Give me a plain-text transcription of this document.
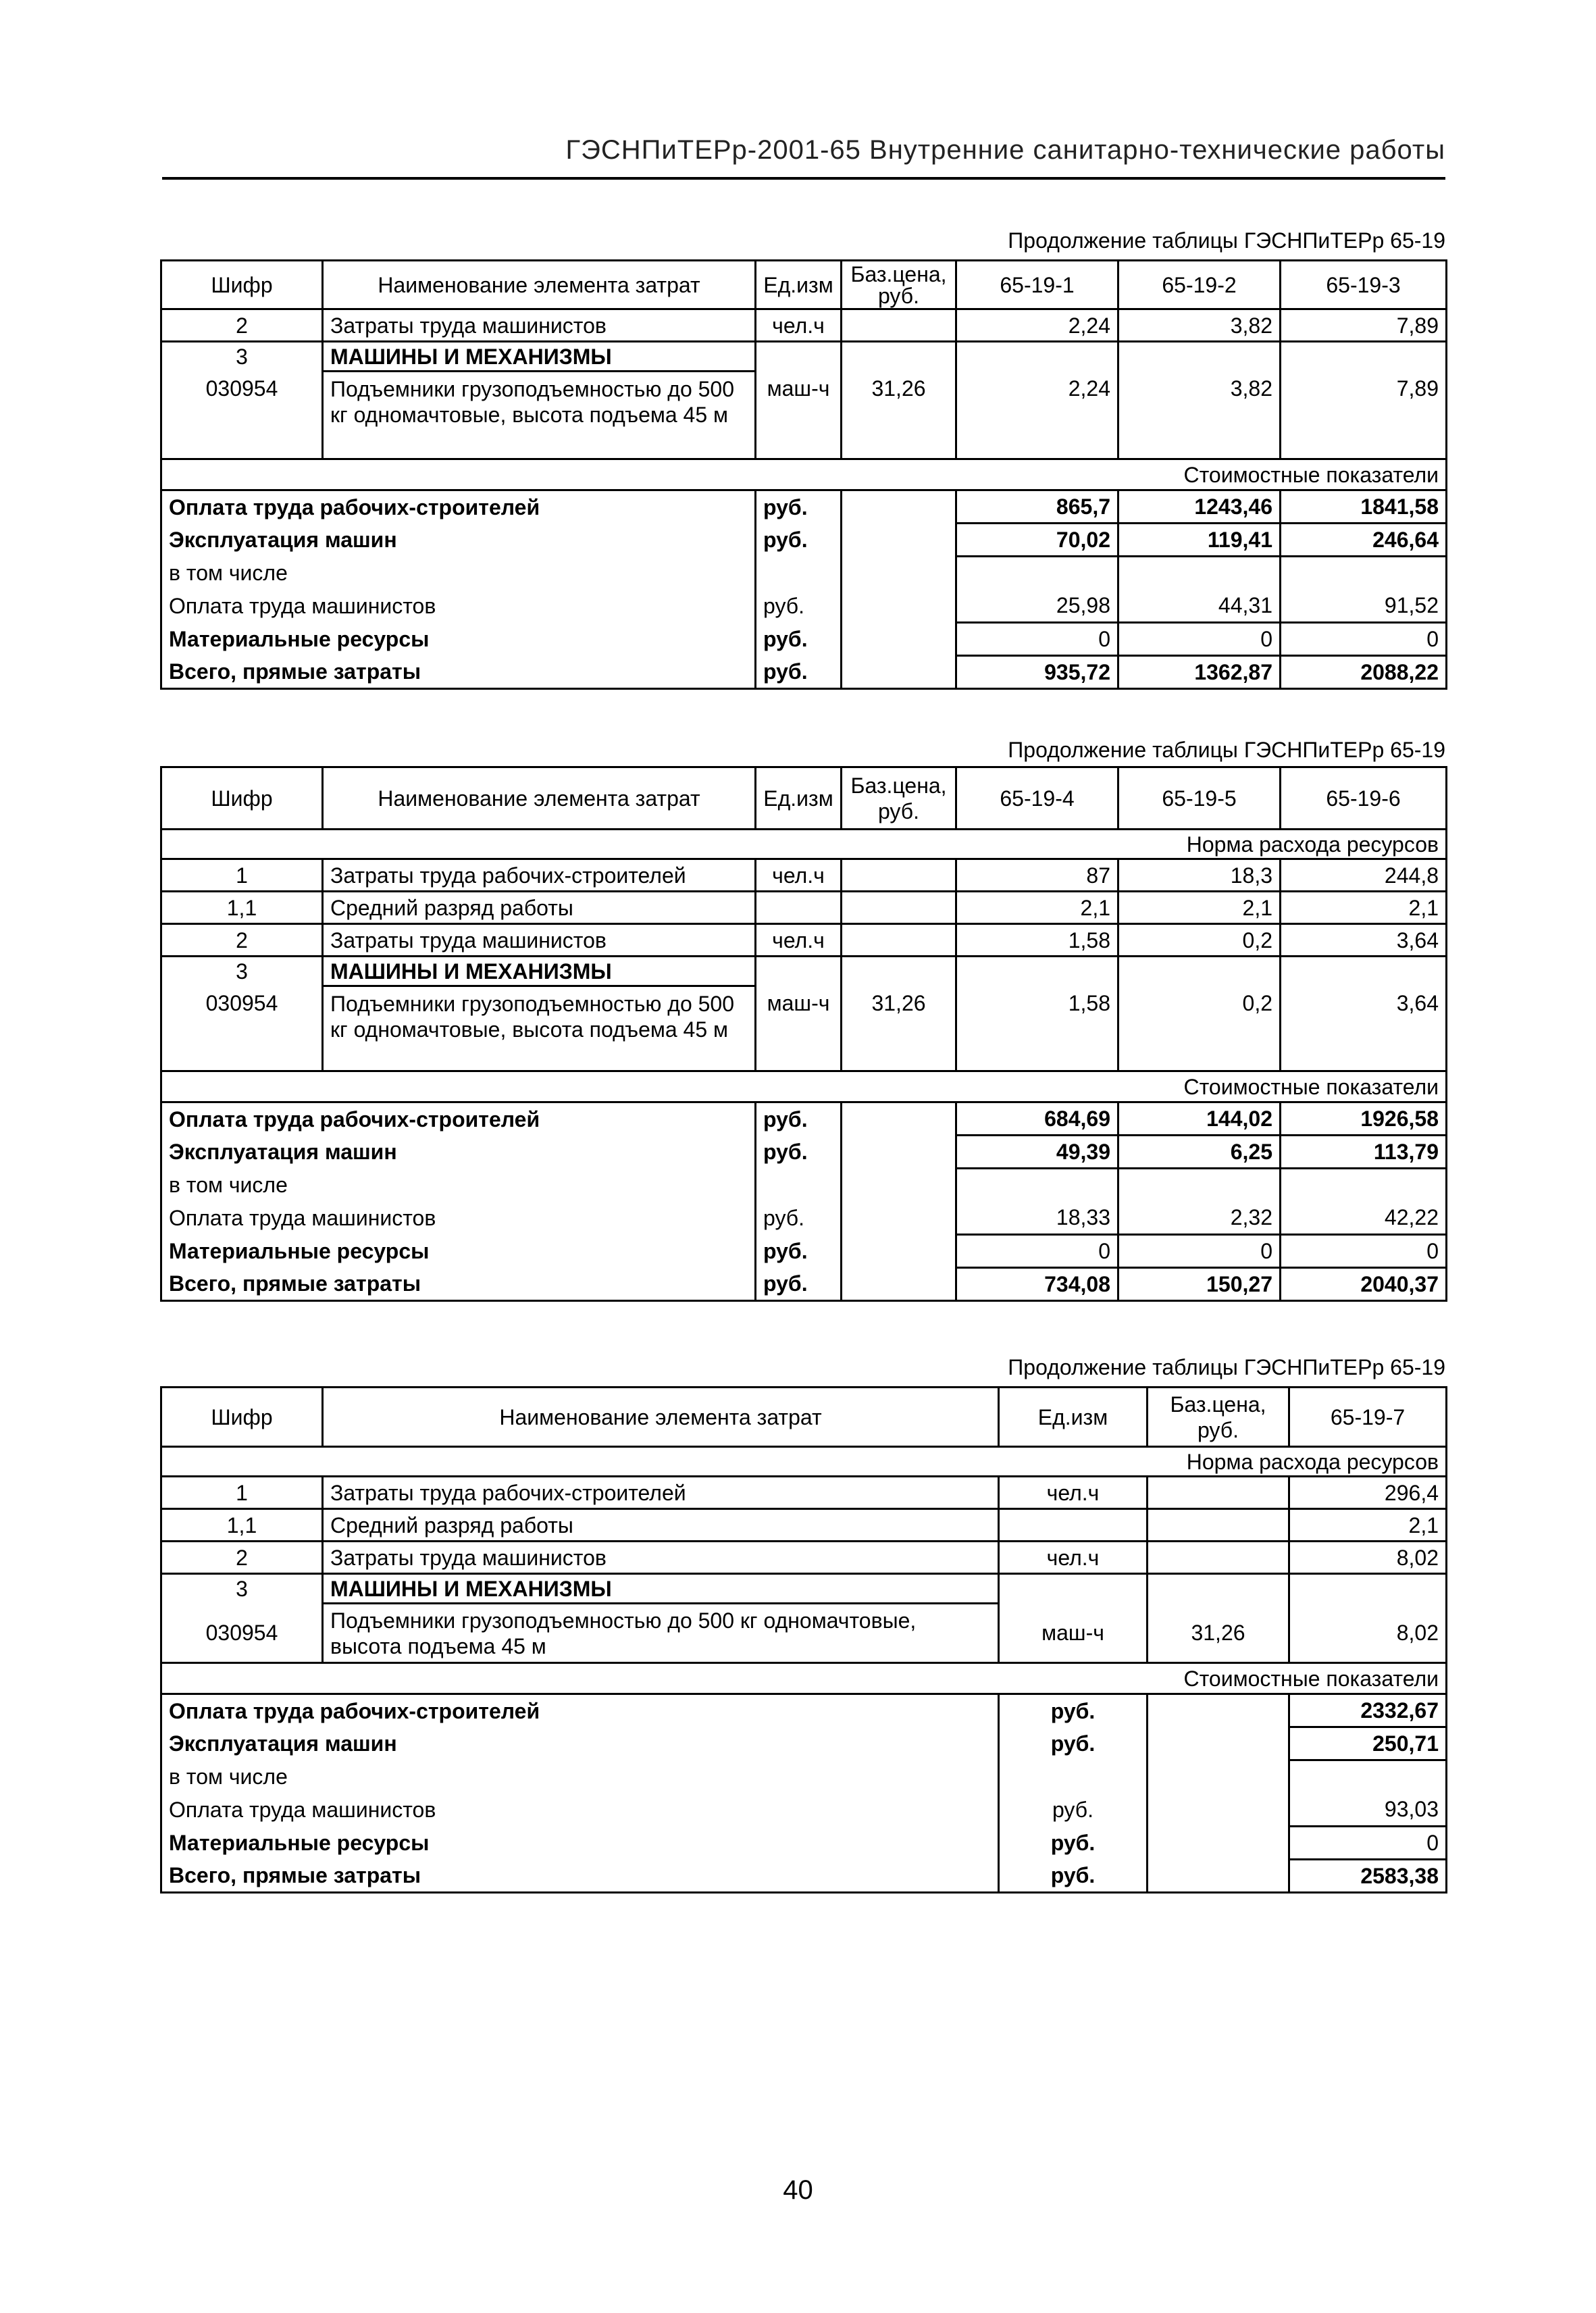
ГЭСНПиТЕРр-2001-65 Внутренние санитарно-технические работы
Продолжение таблицы ГЭСНПиТЕРр 65-19
Шифр	Наименование элемента затрат	Ед.изм	Баз.цена, руб.	65-19-1	65-19-2	65-19-3
2	Затраты труда машинистов	чел.ч		2,24	3,82	7,89
3	МАШИНЫ И МЕХАНИЗМЫ					
030954	Подъемники грузоподъемностью до 500 кг одномачтовые, высота подъема 45 м	маш-ч	31,26	2,24	3,82	7,89
Стоимостные показатели						
Оплата труда рабочих-строителей		руб.		865,7	1243,46	1841,58
Эксплуатация машин		руб.		70,02	119,41	246,64
в том числе						
Оплата труда машинистов		руб.		25,98	44,31	91,52
Материальные ресурсы		руб.		0	0	0
Всего, прямые затраты		руб.		935,72	1362,87	2088,22
Продолжение таблицы ГЭСНПиТЕРр 65-19
Шифр	Наименование элемента затрат	Ед.изм	Баз.цена, руб.	65-19-4	65-19-5	65-19-6
Норма расхода ресурсов						
1	Затраты труда рабочих-строителей	чел.ч		87	18,3	244,8
1,1	Средний разряд работы			2,1	2,1	2,1
2	Затраты труда машинистов	чел.ч		1,58	0,2	3,64
3	МАШИНЫ И МЕХАНИЗМЫ					
030954	Подъемники грузоподъемностью до 500 кг одномачтовые, высота подъема 45 м	маш-ч	31,26	1,58	0,2	3,64
Стоимостные показатели						
Оплата труда рабочих-строителей		руб.		684,69	144,02	1926,58
Эксплуатация машин		руб.		49,39	6,25	113,79
в том числе						
Оплата труда машинистов		руб.		18,33	2,32	42,22
Материальные ресурсы		руб.		0	0	0
Всего, прямые затраты		руб.		734,08	150,27	2040,37
Продолжение таблицы ГЭСНПиТЕРр 65-19
Шифр	Наименование элемента затрат	Ед.изм	Баз.цена, руб.	65-19-7
Норма расхода ресурсов				
1	Затраты труда рабочих-строителей	чел.ч		296,4
1,1	Средний разряд работы			2,1
2	Затраты труда машинистов	чел.ч		8,02
3	МАШИНЫ И МЕХАНИЗМЫ			
030954	Подъемники грузоподъемностью до 500 кг одномачтовые, высота подъема 45 м	маш-ч	31,26	8,02
Стоимостные показатели				
Оплата труда рабочих-строителей		руб.		2332,67
Эксплуатация машин		руб.		250,71
в том числе				
Оплата труда машинистов		руб.		93,03
Материальные ресурсы		руб.		0
Всего, прямые затраты		руб.		2583,38
40
